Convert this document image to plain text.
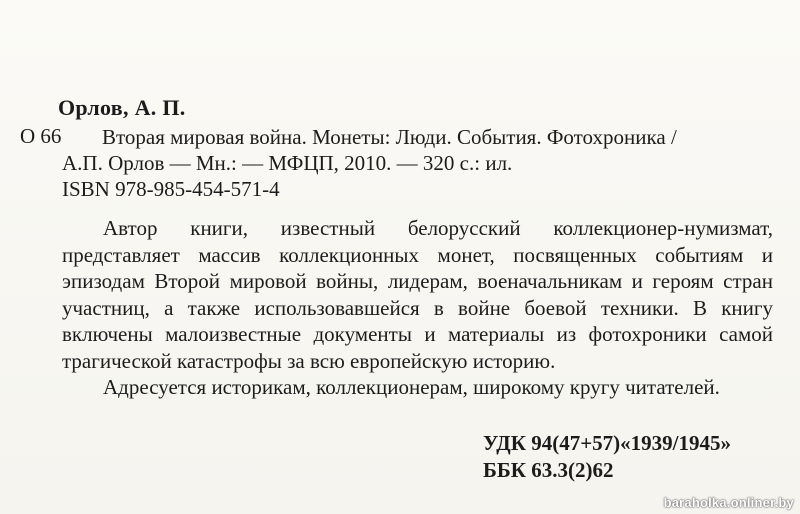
Орлов, А. П.
О 66 Вторая мировая война. Монеты: Люди. События. Фотохроника /
А.П. Орлов — Мн.: — МФЦП, 2010. — 320 с.: ил.
ISBN 978-985-454-571-4

Автор книги, известный белорусский коллекционер-нумизмат, представляет массив коллекционных монет, посвященных событиям и эпизодам Второй мировой войны, лидерам, военачальникам и героям стран участниц, а также использовавшейся в войне боевой техники. В книгу включены малоизвестные документы и материалы из фотохроники самой трагической катастрофы за всю европейскую историю.

Адресуется историкам, коллекционерам, широкому кругу читателей.

УДК 94(47+57)«1939/1945»
ББК 63.3(2)62
baraholka.onliner.by
